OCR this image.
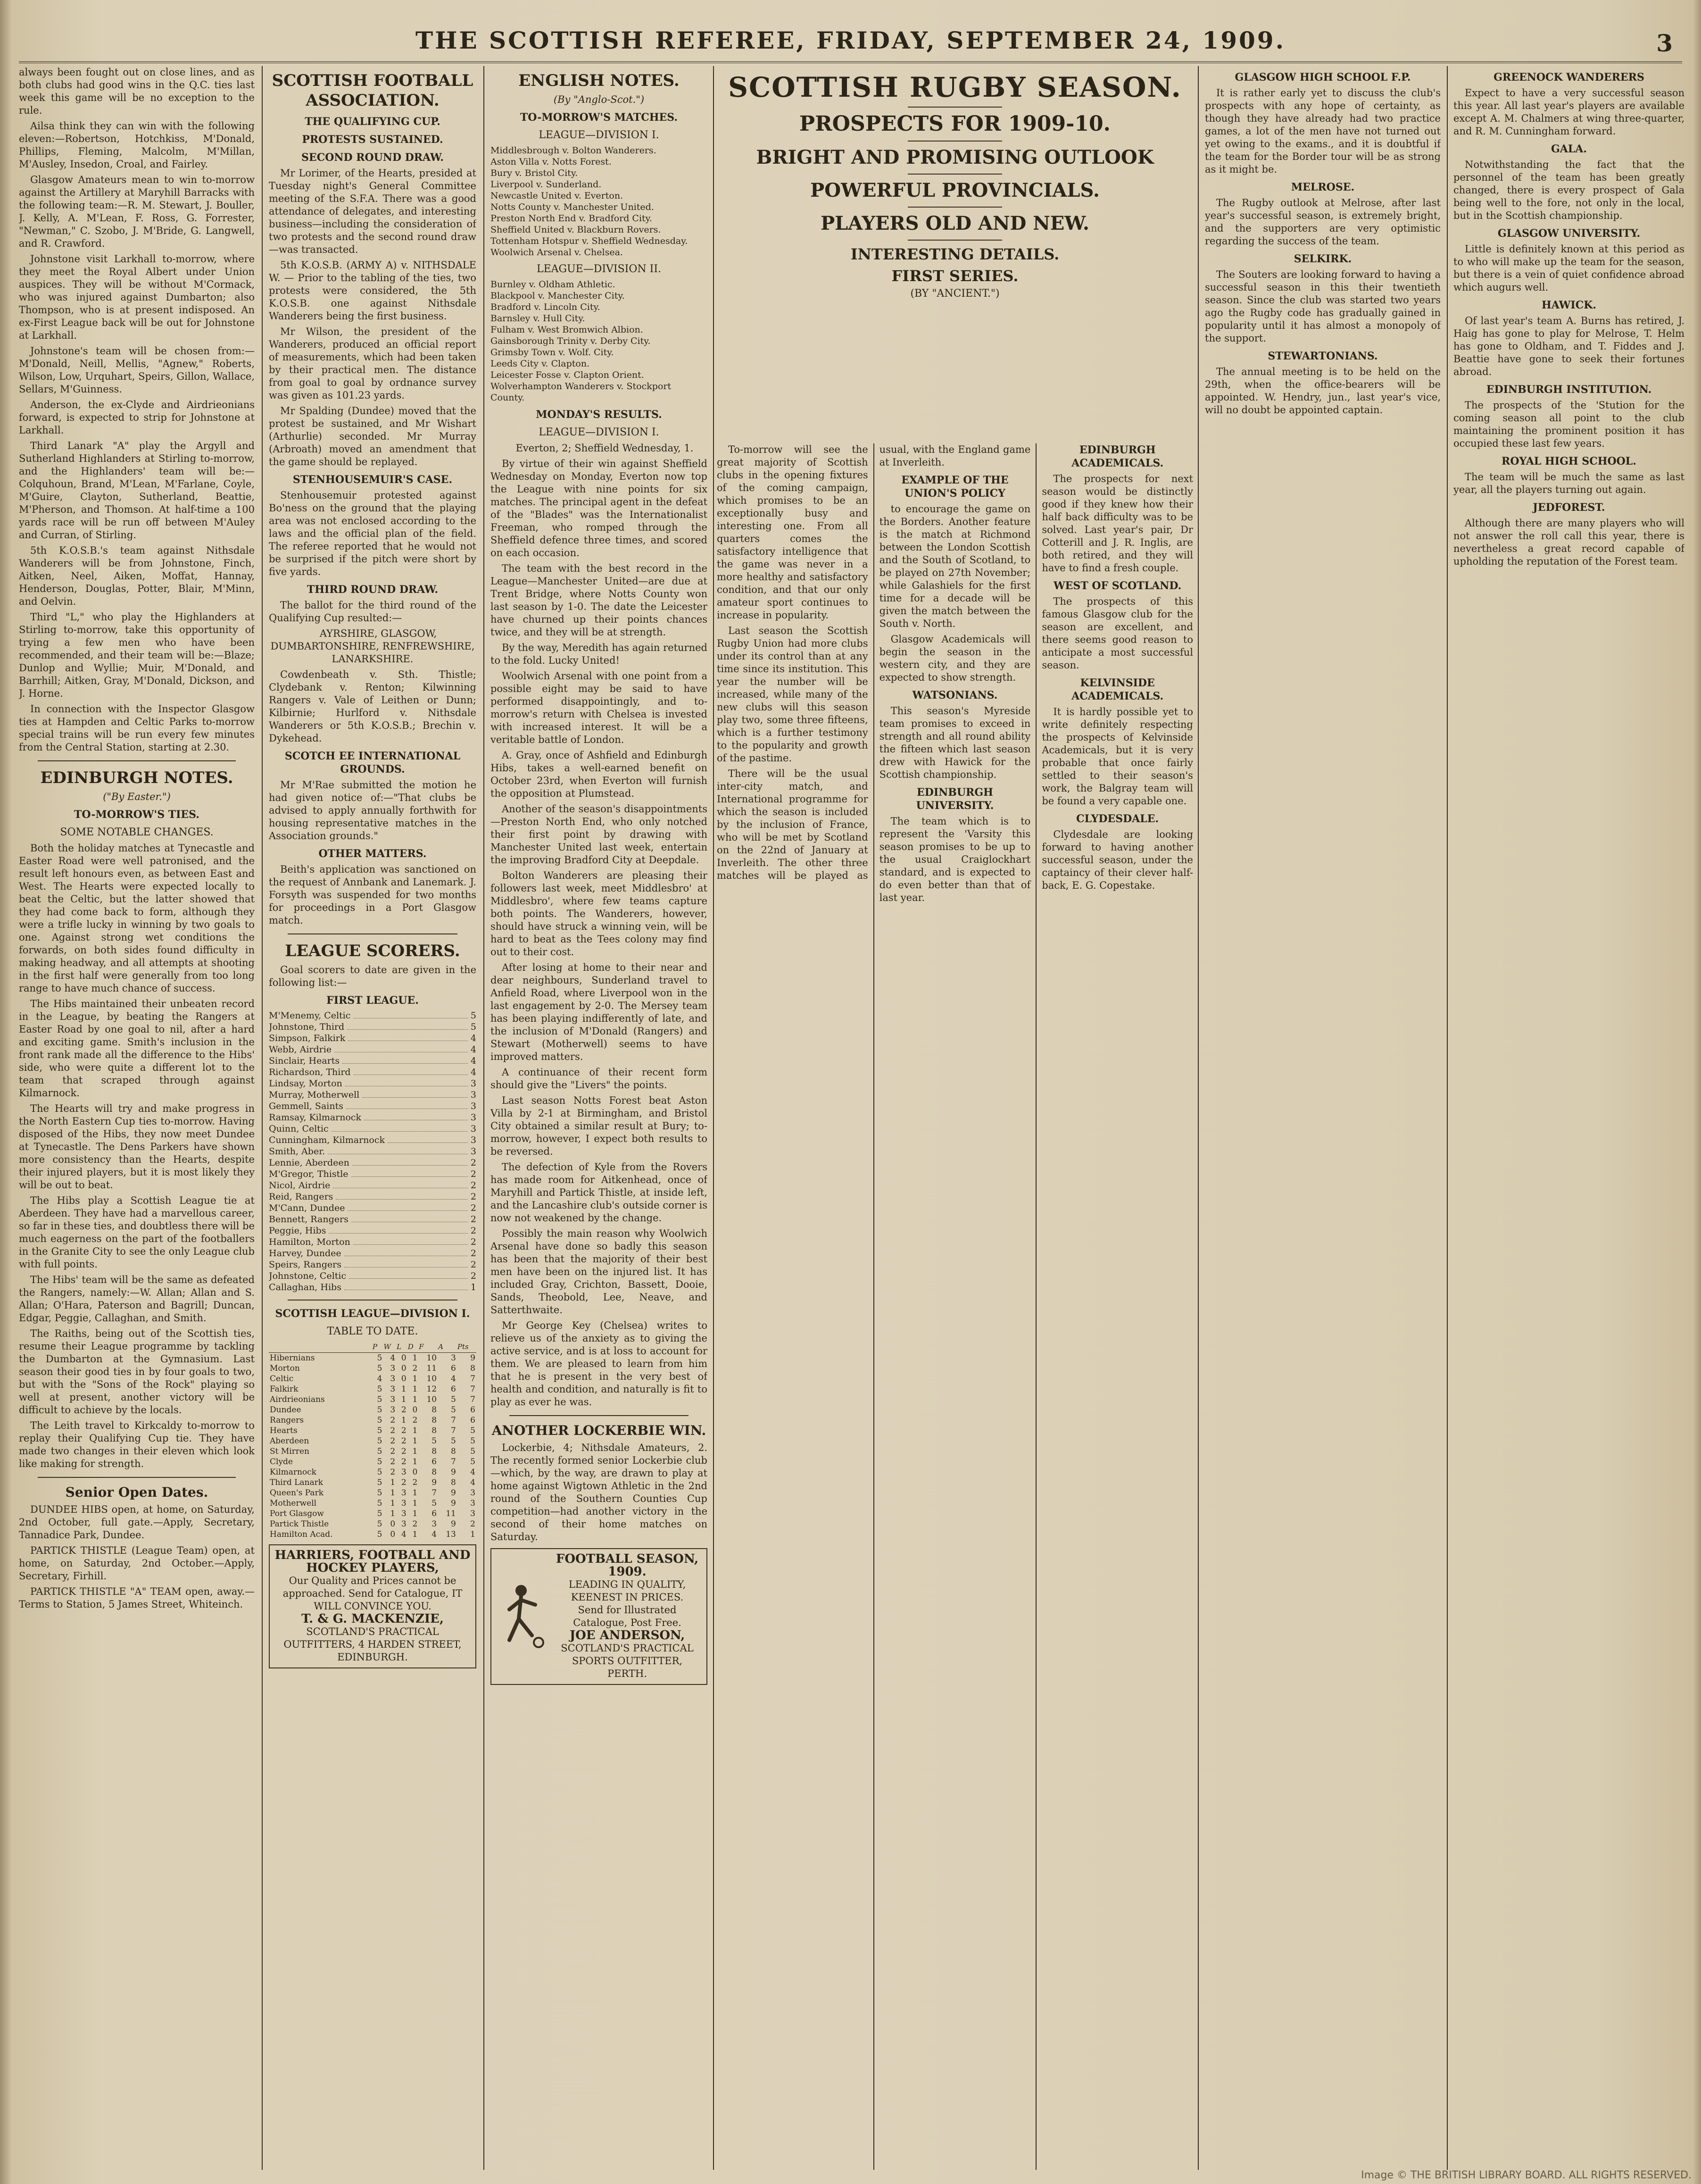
THE SCOTTISH REFEREE, FRIDAY, SEPTEMBER 24, 1909.	3

always been fought out on close lines, and as both clubs had good wins in the Q.C. ties last week this game will be no exception to the rule.

Ailsa think they can win with the following eleven:—Robertson, Hotchkiss, M'Donald, Phillips, Fleming, Malcolm, M'Millan, M'Ausley, Insedon, Croal, and Fairley.

Glasgow Amateurs mean to win to-morrow against the Artillery at Maryhill Barracks with the following team:—R. M. Stewart, J. Bouller, J. Kelly, A. M'Lean, F. Ross, G. Forrester, "Newman," C. Szobo, J. M'Bride, G. Langwell, and R. Crawford.

Johnstone visit Larkhall to-morrow, where they meet the Royal Albert under Union auspices. They will be without M'Cormack, who was injured against Dumbarton; also Thompson, who is at present indisposed. An ex-First League back will be out for Johnstone at Larkhall.

Johnstone's team will be chosen from:—M'Donald, Neill, Mellis, "Agnew," Roberts, Wilson, Low, Urquhart, Speirs, Gillon, Wallace, Sellars, M'Guinness.

Anderson, the ex-Clyde and Airdrieonians forward, is expected to strip for Johnstone at Larkhall.

Third Lanark "A" play the Argyll and Sutherland Highlanders at Stirling to-morrow, and the Highlanders' team will be:—Colquhoun, Brand, M'Lean, M'Farlane, Coyle, M'Guire, Clayton, Sutherland, Beattie, M'Pherson, and Thomson. At half-time a 100 yards race will be run off between M'Auley and Curran, of Stirling.

5th K.O.S.B.'s team against Nithsdale Wanderers will be from Johnstone, Finch, Aitken, Neel, Aiken, Moffat, Hannay, Henderson, Douglas, Potter, Blair, M'Minn, and Oelvin.

Third "L," who play the Highlanders at Stirling to-morrow, take this opportunity of trying a few men who have been recommended, and their team will be:—Blaze; Dunlop and Wyllie; Muir, M'Donald, and Barrhill; Aitken, Gray, M'Donald, Dickson, and J. Horne.

In connection with the Inspector Glasgow ties at Hampden and Celtic Parks to-morrow special trains will be run every few minutes from the Central Station, starting at 2.30.

EDINBURGH NOTES.
("By Easter.")
TO-MORROW'S TIES.
SOME NOTABLE CHANGES.

Both the holiday matches at Tynecastle and Easter Road were well patronised, and the result left honours even, as between East and West. The Hearts were expected locally to beat the Celtic, but the latter showed that they had come back to form, although they were a trifle lucky in winning by two goals to one. Against strong wet conditions the forwards, on both sides found difficulty in making headway, and all attempts at shooting in the first half were generally from too long range to have much chance of success.

The Hibs maintained their unbeaten record in the League, by beating the Rangers at Easter Road by one goal to nil, after a hard and exciting game. Smith's inclusion in the front rank made all the difference to the Hibs' side, who were quite a different lot to the team that scraped through against Kilmarnock.

The Hearts will try and make progress in the North Eastern Cup ties to-morrow. Having disposed of the Hibs, they now meet Dundee at Tynecastle. The Dens Parkers have shown more consistency than the Hearts, despite their injured players, but it is most likely they will be out to beat.

The Hibs play a Scottish League tie at Aberdeen. They have had a marvellous career, so far in these ties, and doubtless there will be much eagerness on the part of the footballers in the Granite City to see the only League club with full points.

The Hibs' team will be the same as defeated the Rangers, namely:—W. Allan; Allan and S. Allan; O'Hara, Paterson and Bagrill; Duncan, Edgar, Peggie, Callaghan, and Smith.

The Raiths, being out of the Scottish ties, resume their League programme by tackling the Dumbarton at the Gymnasium. Last season their good ties in by four goals to two, but with the "Sons of the Rock" playing so well at present, another victory will be difficult to achieve by the locals.

The Leith travel to Kirkcaldy to-morrow to replay their Qualifying Cup tie. They have made two changes in their eleven which look like making for strength.

Senior Open Dates.

DUNDEE HIBS open, at home, on Saturday, 2nd October, full gate.—Apply, Secretary, Tannadice Park, Dundee.

PARTICK THISTLE (League Team) open, at home, on Saturday, 2nd October.—Apply, Secretary, Firhill.

PARTICK THISTLE "A" TEAM open, away.—Terms to Station, 5 James Street, Whiteinch.

SCOTTISH FOOTBALL ASSOCIATION.
THE QUALIFYING CUP.
PROTESTS SUSTAINED.
SECOND ROUND DRAW.

Mr Lorimer, of the Hearts, presided at Tuesday night's General Committee meeting of the S.F.A. There was a good attendance of delegates, and interesting business—including the consideration of two protests and the second round draw—was transacted.

5th K.O.S.B. (ARMY A) v. NITHSDALE W. — Prior to the tabling of the ties, two protests were considered, the 5th K.O.S.B. one against Nithsdale Wanderers being the first business.

Mr Wilson, the president of the Wanderers, produced an official report of measurements, which had been taken by their practical men. The distance from goal to goal by ordnance survey was given as 101.23 yards.

Mr Spalding (Dundee) moved that the protest be sustained, and Mr Wishart (Arthurlie) seconded. Mr Murray (Arbroath) moved an amendment that the game should be replayed.

STENHOUSEMUIR'S CASE.

Stenhousemuir protested against Bo'ness on the ground that the playing area was not enclosed according to the laws and the official plan of the field. The referee reported that he would not be surprised if the pitch were short by five yards.

THIRD ROUND DRAW.

The ballot for the third round of the Qualifying Cup resulted:—

AYRSHIRE, GLASGOW, DUMBARTONSHIRE, RENFREWSHIRE, LANARKSHIRE.

Cowdenbeath v. Sth. Thistle; Clydebank v. Renton; Kilwinning Rangers v. Vale of Leithen or Dunn; Kilbirnie; Hurlford v. Nithsdale Wanderers or 5th K.O.S.B.; Brechin v. Dykehead.

SCOTCH EE INTERNATIONAL GROUNDS.

Mr M'Rae submitted the motion he had given notice of:—"That clubs be advised to apply annually forthwith for housing representative matches in the Association grounds."

OTHER MATTERS.

Beith's application was sanctioned on the request of Annbank and Lanemark. J. Forsyth was suspended for two months for proceedings in a Port Glasgow match.

LEAGUE SCORERS.

Goal scorers to date are given in the following list:—

FIRST LEAGUE.
M'Menemy, Celtic	5
Johnstone, Third	5
Simpson, Falkirk	4
Webb, Airdrie	4
Sinclair, Hearts	4
Richardson, Third	4
Lindsay, Morton	3
Murray, Motherwell	3
Gemmell, Saints	3
Ramsay, Kilmarnock	3
Quinn, Celtic	3
Cunningham, Kilmarnock	3
Smith, Aber.	3
Lennie, Aberdeen	2
M'Gregor, Thistle	2
Nicol, Airdrie	2
Reid, Rangers	2
M'Cann, Dundee	2
Bennett, Rangers	2
Peggie, Hibs	2
Hamilton, Morton	2
Harvey, Dundee	2
Speirs, Rangers	2
Johnstone, Celtic	2
Callaghan, Hibs	1
SCOTTISH LEAGUE—DIVISION I.
TABLE TO DATE.
	P	W	L	D	F	A	Pts
Hibernians	5	4	0	1	10	3	9
Morton	5	3	0	2	11	6	8
Celtic	4	3	0	1	10	4	7
Falkirk	5	3	1	1	12	6	7
Airdrieonians	5	3	1	1	10	5	7
Dundee	5	3	2	0	8	5	6
Rangers	5	2	1	2	8	7	6
Hearts	5	2	2	1	8	7	5
Aberdeen	5	2	2	1	5	5	5
St Mirren	5	2	2	1	8	8	5
Clyde	5	2	2	1	6	7	5
Kilmarnock	5	2	3	0	8	9	4
Third Lanark	5	1	2	2	9	8	4
Queen's Park	5	1	3	1	7	9	3
Motherwell	5	1	3	1	5	9	3
Port Glasgow	5	1	3	1	6	11	3
Partick Thistle	5	0	3	2	3	9	2
Hamilton Acad.	5	0	4	1	4	13	1
HARRIERS, FOOTBALL AND HOCKEY PLAYERS,
Our Quality and Prices cannot be approached. Send for Catalogue, IT WILL CONVINCE YOU.
T. & G. MACKENZIE,
SCOTLAND'S PRACTICAL OUTFITTERS, 4 HARDEN STREET, EDINBURGH.
ENGLISH NOTES.
(By "Anglo-Scot.")
TO-MORROW'S MATCHES.
LEAGUE—DIVISION I.
Middlesbrough v. Bolton Wanderers.
Aston Villa v. Notts Forest.
Bury v. Bristol City.
Liverpool v. Sunderland.
Newcastle United v. Everton.
Notts County v. Manchester United.
Preston North End v. Bradford City.
Sheffield United v. Blackburn Rovers.
Tottenham Hotspur v. Sheffield Wednesday.
Woolwich Arsenal v. Chelsea.
LEAGUE—DIVISION II.
Burnley v. Oldham Athletic.
Blackpool v. Manchester City.
Bradford v. Lincoln City.
Barnsley v. Hull City.
Fulham v. West Bromwich Albion.
Gainsborough Trinity v. Derby City.
Grimsby Town v. Wolf. City.
Leeds City v. Clapton.
Leicester Fosse v. Clapton Orient.
Wolverhampton Wanderers v. Stockport County.
MONDAY'S RESULTS.
LEAGUE—DIVISION I.

Everton, 2; Sheffield Wednesday, 1.

By virtue of their win against Sheffield Wednesday on Monday, Everton now top the League with nine points for six matches. The principal agent in the defeat of the "Blades" was the Internationalist Freeman, who romped through the Sheffield defence three times, and scored on each occasion.

The team with the best record in the League—Manchester United—are due at Trent Bridge, where Notts County won last season by 1-0. The date the Leicester have churned up their points chances twice, and they will be at strength.

By the way, Meredith has again returned to the fold. Lucky United!

Woolwich Arsenal with one point from a possible eight may be said to have performed disappointingly, and to-morrow's return with Chelsea is invested with increased interest. It will be a veritable battle of London.

A. Gray, once of Ashfield and Edinburgh Hibs, takes a well-earned benefit on October 23rd, when Everton will furnish the opposition at Plumstead.

Another of the season's disappointments—Preston North End, who only notched their first point by drawing with Manchester United last week, entertain the improving Bradford City at Deepdale.

Bolton Wanderers are pleasing their followers last week, meet Middlesbro' at Middlesbro', where few teams capture both points. The Wanderers, however, should have struck a winning vein, will be hard to beat as the Tees colony may find out to their cost.

After losing at home to their near and dear neighbours, Sunderland travel to Anfield Road, where Liverpool won in the last engagement by 2-0. The Mersey team has been playing indifferently of late, and the inclusion of M'Donald (Rangers) and Stewart (Motherwell) seems to have improved matters.

A continuance of their recent form should give the "Livers" the points.

Last season Notts Forest beat Aston Villa by 2-1 at Birmingham, and Bristol City obtained a similar result at Bury; to-morrow, however, I expect both results to be reversed.

The defection of Kyle from the Rovers has made room for Aitkenhead, once of Maryhill and Partick Thistle, at inside left, and the Lancashire club's outside corner is now not weakened by the change.

Possibly the main reason why Woolwich Arsenal have done so badly this season has been that the majority of their best men have been on the injured list. It has included Gray, Crichton, Bassett, Dooie, Sands, Theobold, Lee, Neave, and Satterthwaite.

Mr George Key (Chelsea) writes to relieve us of the anxiety as to giving the active service, and is at loss to account for them. We are pleased to learn from him that he is present in the very best of health and condition, and naturally is fit to play as ever he was.

ANOTHER LOCKERBIE WIN.

Lockerbie, 4; Nithsdale Amateurs, 2. The recently formed senior Lockerbie club—which, by the way, are drawn to play at home against Wigtown Athletic in the 2nd round of the Southern Counties Cup competition—had another victory in the second of their home matches on Saturday.

FOOTBALL SEASON, 1909.
LEADING IN QUALITY, KEENEST IN PRICES.
Send for Illustrated Catalogue, Post Free.
JOE ANDERSON,
SCOTLAND'S PRACTICAL SPORTS OUTFITTER, PERTH.
SCOTTISH RUGBY SEASON.
PROSPECTS FOR 1909-10.
BRIGHT AND PROMISING OUTLOOK
POWERFUL PROVINCIALS.
PLAYERS OLD AND NEW.
INTERESTING DETAILS.
FIRST SERIES.
(BY "ANCIENT.")

To-morrow will see the great majority of Scottish clubs in the opening fixtures of the coming campaign, which promises to be an exceptionally busy and interesting one. From all quarters comes the satisfactory intelligence that the game was never in a more healthy and satisfactory condition, and that our only amateur sport continues to increase in popularity.

Last season the Scottish Rugby Union had more clubs under its control than at any time since its institution. This year the number will be increased, while many of the new clubs will this season play two, some three fifteens, which is a further testimony to the popularity and growth of the pastime.

There will be the usual inter-city match, and International programme for which the season is included by the inclusion of France, who will be met by Scotland on the 22nd of January at Inverleith. The other three matches will be played as usual, with the England game at Inverleith.

EXAMPLE OF THE UNION'S POLICY

to encourage the game on the Borders. Another feature is the match at Richmond between the London Scottish and the South of Scotland, to be played on 27th November; while Galashiels for the first time for a decade will be given the match between the South v. North.

Glasgow Academicals will begin the season in the western city, and they are expected to show strength.

WATSONIANS.

This season's Myreside team promises to exceed in strength and all round ability the fifteen which last season drew with Hawick for the Scottish championship.

EDINBURGH UNIVERSITY.

The team which is to represent the 'Varsity this season promises to be up to the usual Craiglockhart standard, and is expected to do even better than that of last year.

EDINBURGH ACADEMICALS.

The prospects for next season would be distinctly good if they knew how their half back difficulty was to be solved. Last year's pair, Dr Cotterill and J. R. Inglis, are both retired, and they will have to find a fresh couple.

WEST OF SCOTLAND.

The prospects of this famous Glasgow club for the season are excellent, and there seems good reason to anticipate a most successful season.

KELVINSIDE ACADEMICALS.

It is hardly possible yet to write definitely respecting the prospects of Kelvinside Academicals, but it is very probable that once fairly settled to their season's work, the Balgray team will be found a very capable one.

CLYDESDALE.

Clydesdale are looking forward to having another successful season, under the captaincy of their clever half-back, E. G. Copestake.

GLASGOW HIGH SCHOOL F.P.

It is rather early yet to discuss the club's prospects with any hope of certainty, as though they have already had two practice games, a lot of the men have not turned out yet owing to the exams., and it is doubtful if the team for the Border tour will be as strong as it might be.

MELROSE.

The Rugby outlook at Melrose, after last year's successful season, is extremely bright, and the supporters are very optimistic regarding the success of the team.

SELKIRK.

The Souters are looking forward to having a successful season in this their twentieth season. Since the club was started two years ago the Rugby code has gradually gained in popularity until it has almost a monopoly of the support.

STEWARTONIANS.

The annual meeting is to be held on the 29th, when the office-bearers will be appointed. W. Hendry, jun., last year's vice, will no doubt be appointed captain.

GREENOCK WANDERERS

Expect to have a very successful season this year. All last year's players are available except A. M. Chalmers at wing three-quarter, and R. M. Cunningham forward.

GALA.

Notwithstanding the fact that the personnel of the team has been greatly changed, there is every prospect of Gala being well to the fore, not only in the local, but in the Scottish championship.

GLASGOW UNIVERSITY.

Little is definitely known at this period as to who will make up the team for the season, but there is a vein of quiet confidence abroad which augurs well.

HAWICK.

Of last year's team A. Burns has retired, J. Haig has gone to play for Melrose, T. Helm has gone to Oldham, and T. Fiddes and J. Beattie have gone to seek their fortunes abroad.

EDINBURGH INSTITUTION.

The prospects of the 'Stution for the coming season all point to the club maintaining the prominent position it has occupied these last few years.

ROYAL HIGH SCHOOL.

The team will be much the same as last year, all the players turning out again.

JEDFOREST.

Although there are many players who will not answer the roll call this year, there is nevertheless a great record capable of upholding the reputation of the Forest team.

Image © THE BRITISH LIBRARY BOARD. ALL RIGHTS RESERVED.
